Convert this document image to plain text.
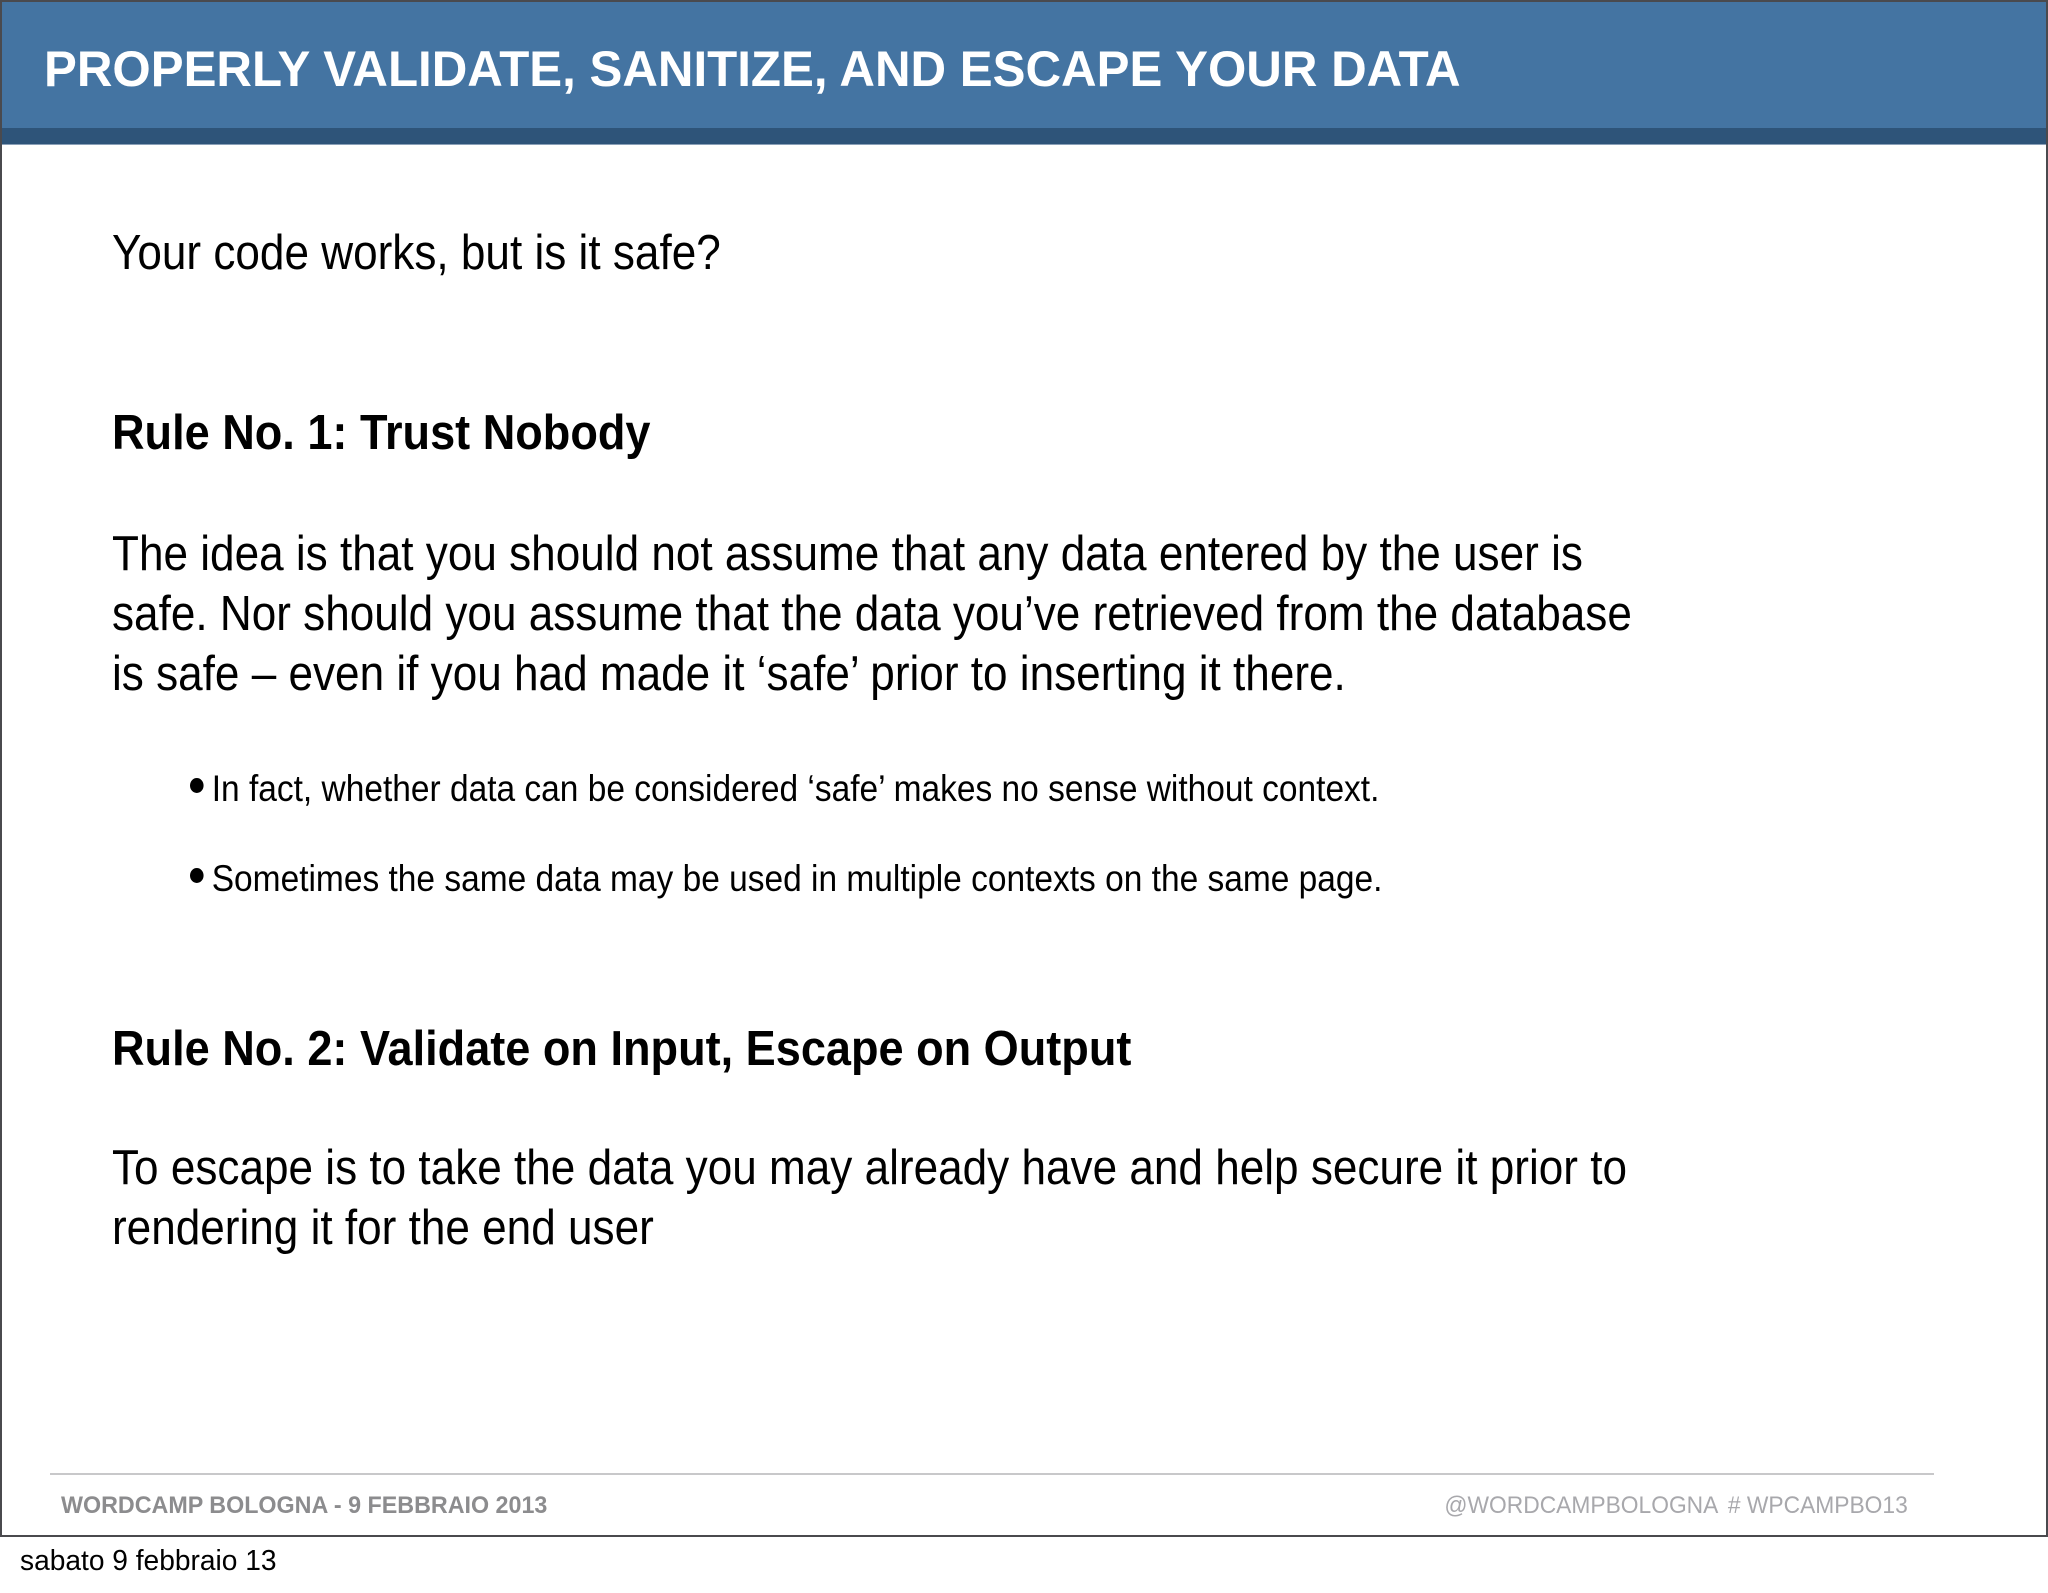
PROPERLY VALIDATE, SANITIZE, AND ESCAPE YOUR DATA

Your code works, but is it safe?

Rule No. 1: Trust Nobody

The idea is that you should not assume that any data entered by the user is
safe. Nor should you assume that the data you’ve retrieved from the database
is safe – even if you had made it ‘safe’ prior to inserting it there.

In fact, whether data can be considered ‘safe’ makes no sense without context.
Sometimes the same data may be used in multiple contexts on the same page.
Rule No. 2: Validate on Input, Escape on Output

To escape is to take the data you may already have and help secure it prior to
rendering it for the end user

WORDCAMP BOLOGNA - 9 FEBBRAIO 2013	@WORDCAMPBOLOGNA # WPCAMPBO13

sabato 9 febbraio 13
